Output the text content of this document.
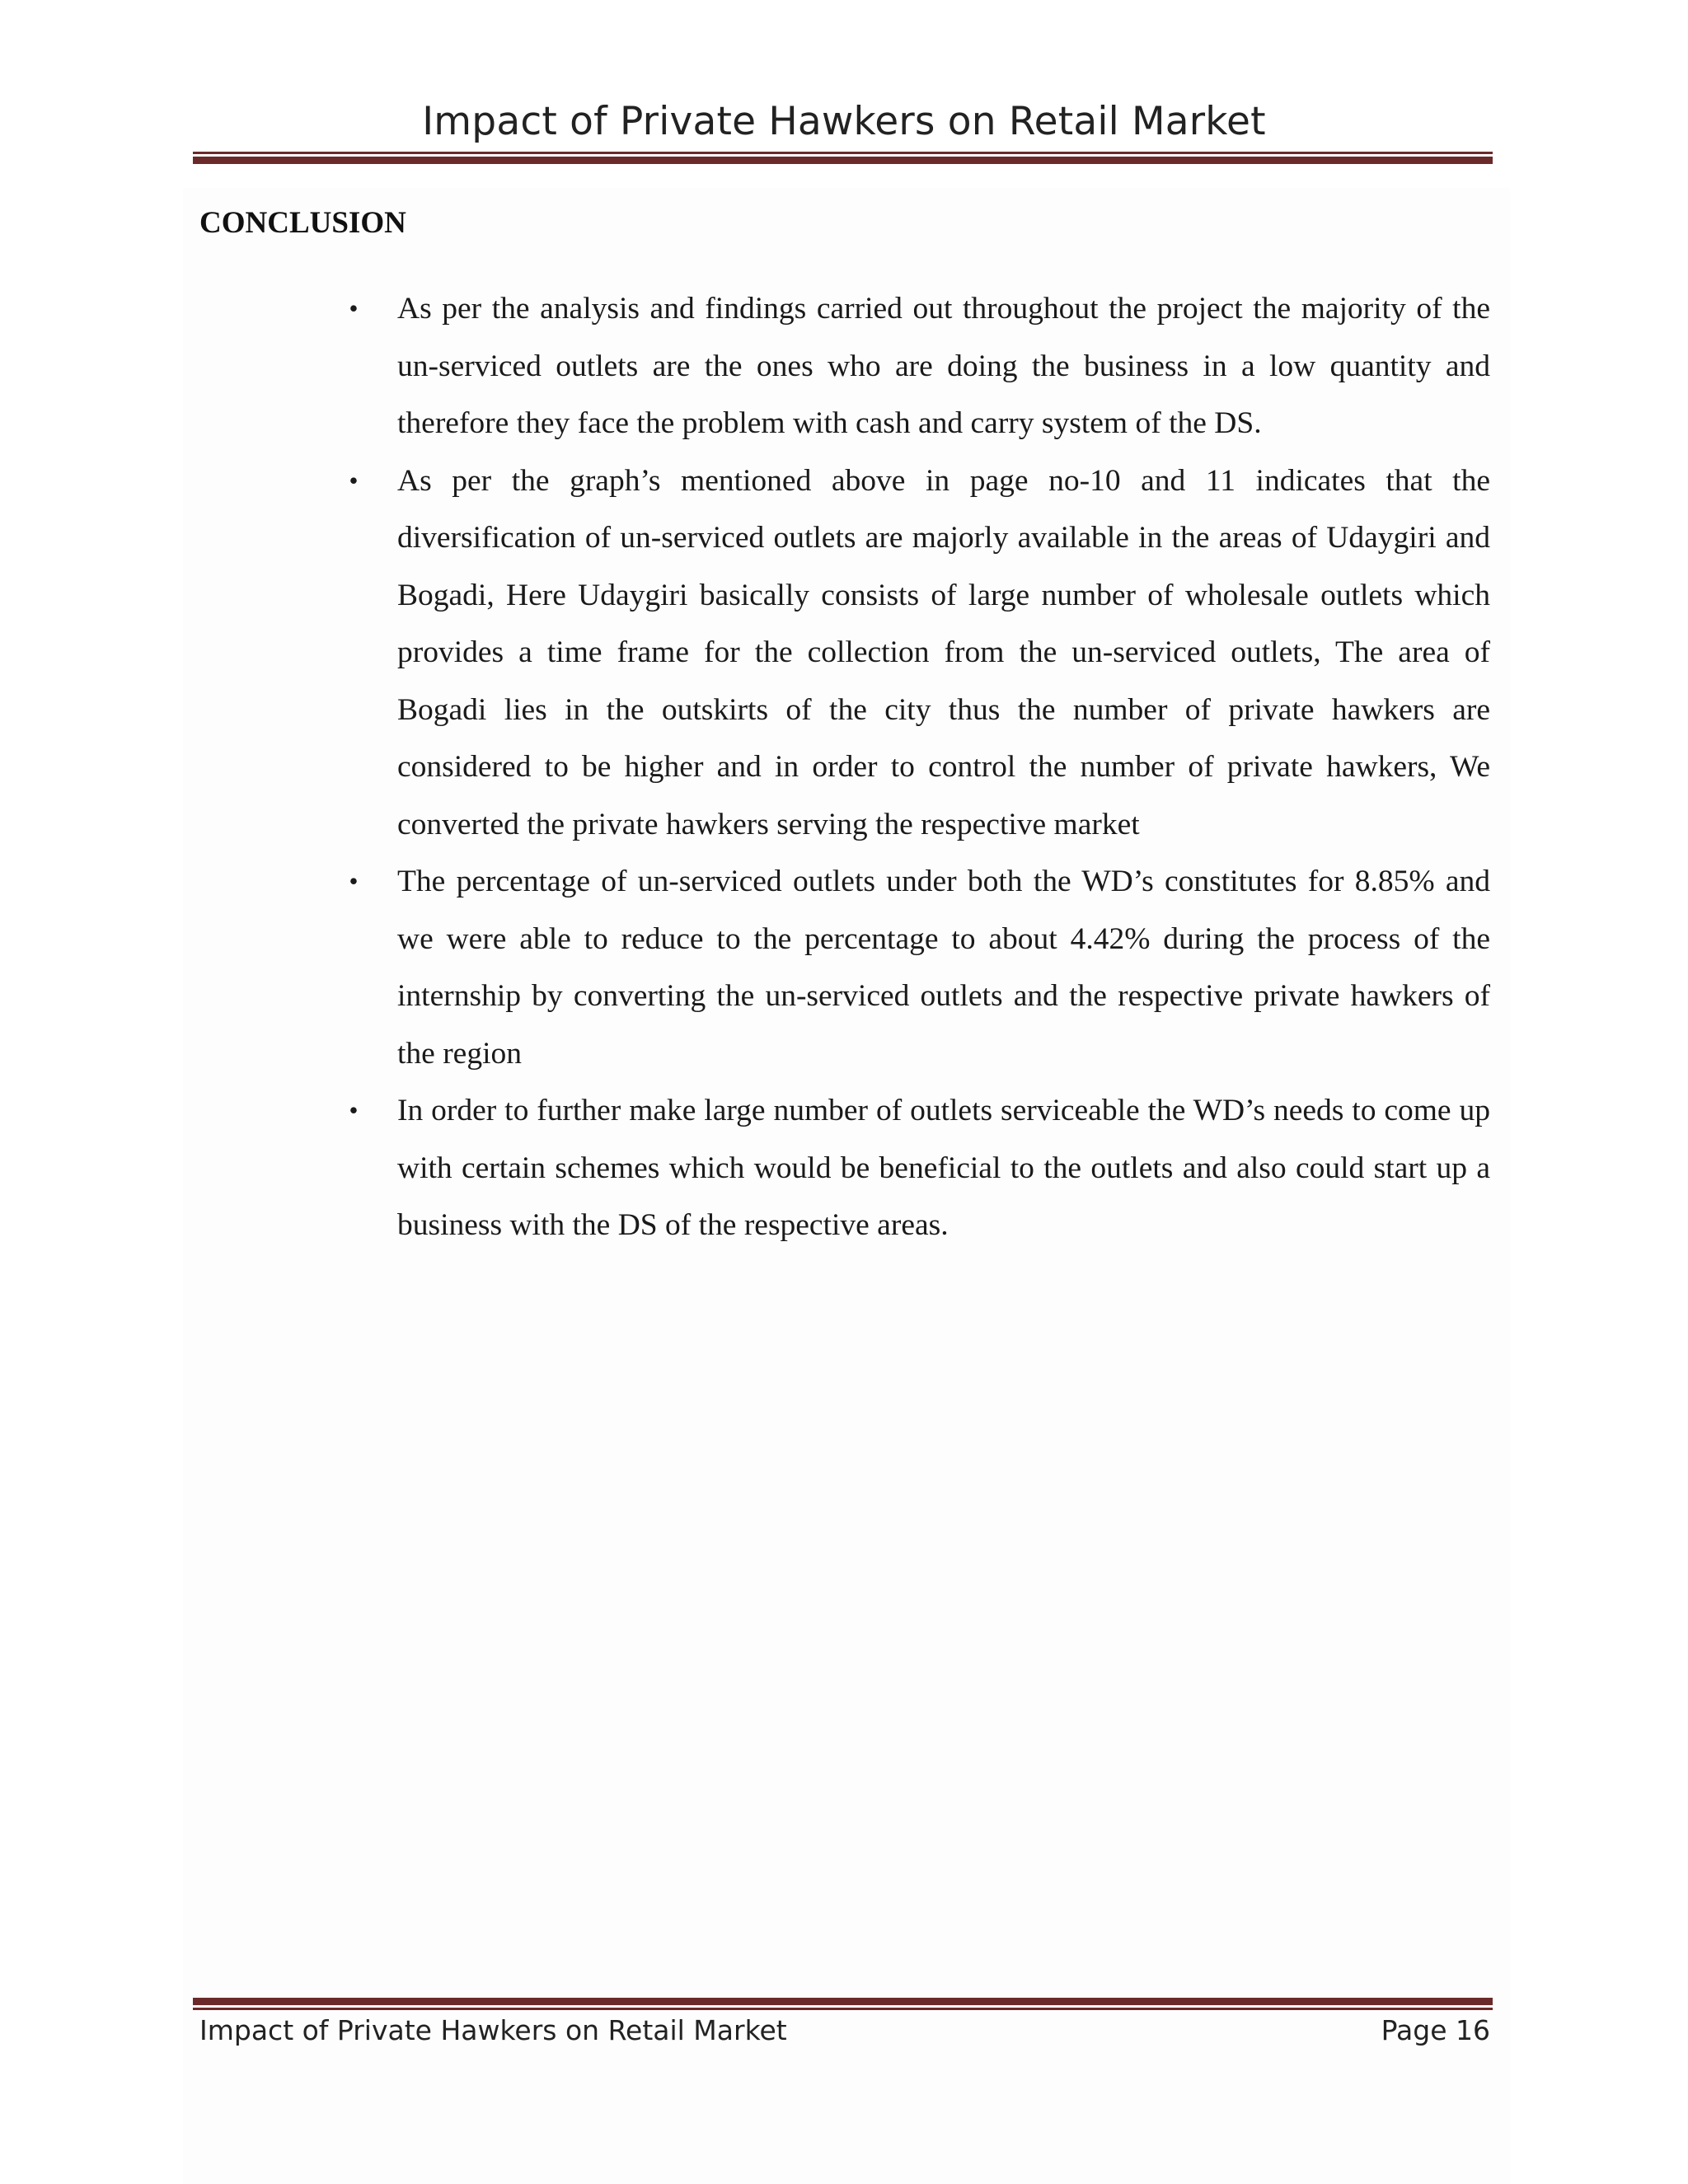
Impact of Private Hawkers on Retail Market
CONCLUSION
• As per the analysis and findings carried out throughout the project the majority of the un-serviced outlets are the ones who are doing the business in a low quantity and therefore they face the problem with cash and carry system of the DS.
• As per the graph’s mentioned above in page no-10 and 11 indicates that the diversification of un-serviced outlets are majorly available in the areas of Udaygiri and Bogadi, Here Udaygiri basically consists of large number of wholesale outlets which provides a time frame for the collection from the un-serviced outlets, The area of Bogadi lies in the outskirts of the city thus the number of private hawkers are considered to be higher and in order to control the number of private hawkers, We converted the private hawkers serving the respective market
• The percentage of un-serviced outlets under both the WD’s constitutes for 8.85% and we were able to reduce to the percentage to about 4.42% during the process of the internship by converting the un-serviced outlets and the respective private hawkers of the region
• In order to further make large number of outlets serviceable the WD’s needs to come up with certain schemes which would be beneficial to the outlets and also could start up a business with the DS of the respective areas.
Impact of Private Hawkers on Retail Market	Page 16
